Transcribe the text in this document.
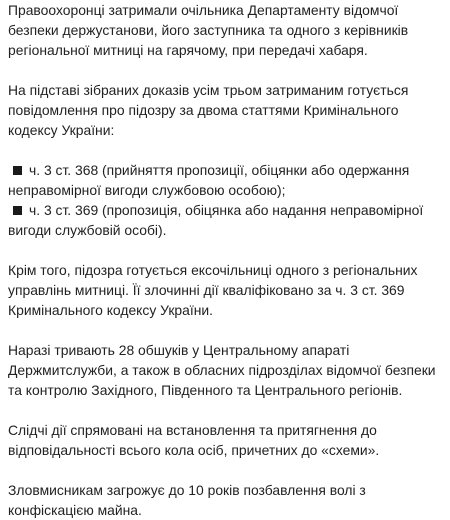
Правоохоронці затримали очільника Департаменту відомчої безпеки держустанови, його заступника та одного з керівників регіональної митниці на гарячому, при передачі хабаря.

На підставі зібраних доказів усім трьом затриманим готується повідомлення про підозру за двома статтями Кримінального кодексу України:

ч. 3 ст. 368 (прийняття пропозиції, обіцянки або одержання неправомірної вигоди службовою особою);
ч. 3 ст. 369 (пропозиція, обіцянка або надання неправомірної вигоди службовій особі).

Крім того, підозра готується ексочільниці одного з регіональних управлінь митниці. Її злочинні дії кваліфіковано за ч. 3 ст. 369 Кримінального кодексу України.

Наразі тривають 28 обшуків у Центральному апараті Держмитслужби, а також в обласних підрозділах відомчої безпеки та контролю Західного, Південного та Центрального регіонів.

Слідчі дії спрямовані на встановлення та притягнення до відповідальності всього кола осіб, причетних до «схеми».

Зловмисникам загрожує до 10 років позбавлення волі з конфіскацією майна.
